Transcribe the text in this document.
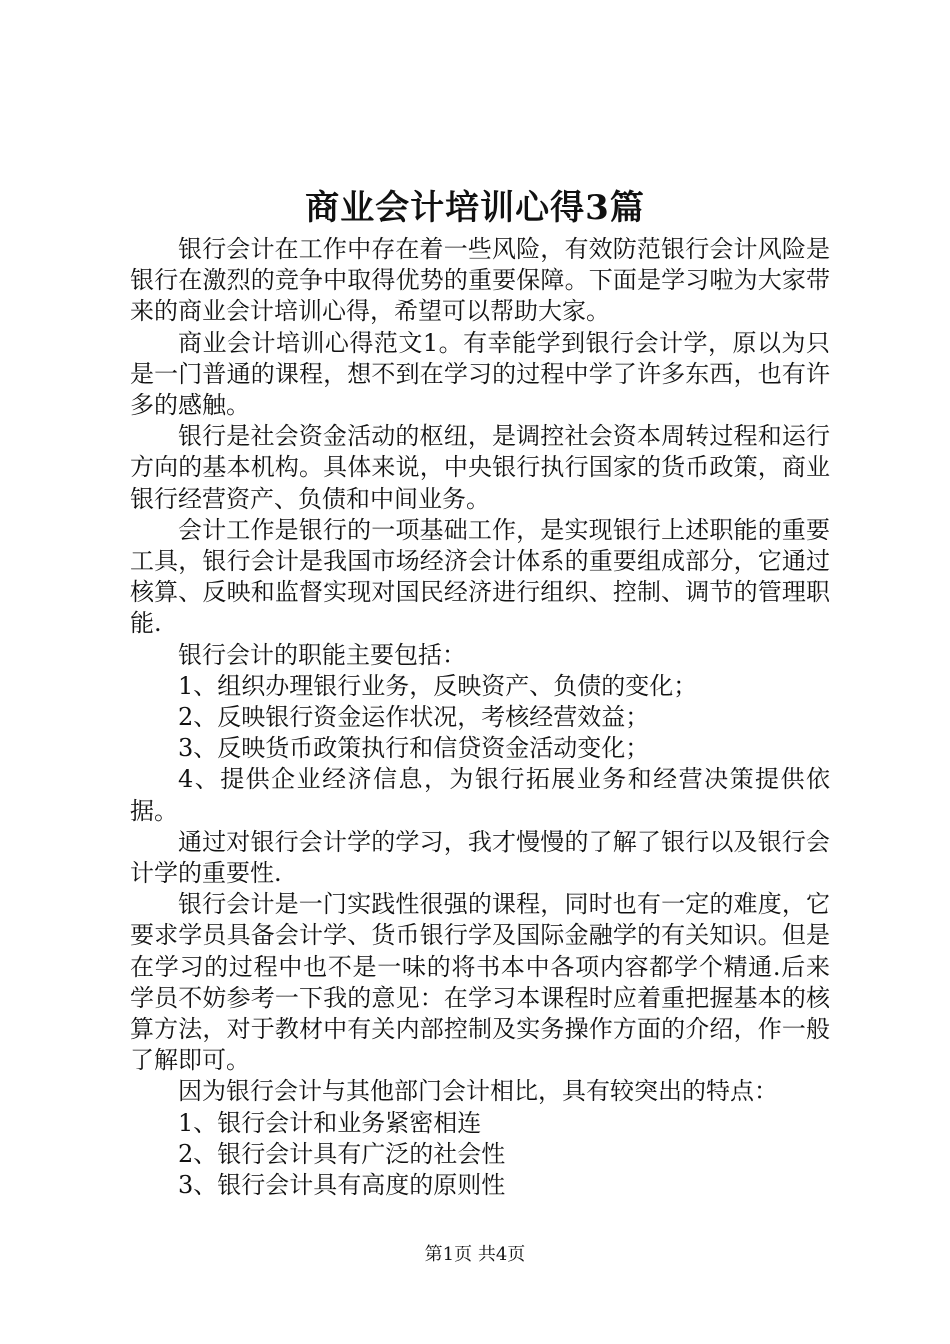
商业会计培训心得3篇

银行会计在工作中存在着一些风险，有效防范银行会计风险是银行在激烈的竞争中取得优势的重要保障。下面是学习啦为大家带来的商业会计培训心得，希望可以帮助大家。

商业会计培训心得范文1。有幸能学到银行会计学，原以为只是一门普通的课程，想不到在学习的过程中学了许多东西，也有许多的感触。

银行是社会资金活动的枢纽，是调控社会资本周转过程和运行方向的基本机构。具体来说，中央银行执行国家的货币政策，商业银行经营资产、负债和中间业务。

会计工作是银行的一项基础工作，是实现银行上述职能的重要工具，银行会计是我国市场经济会计体系的重要组成部分，它通过核算、反映和监督实现对国民经济进行组织、控制、调节的管理职能.

银行会计的职能主要包括：

1、组织办理银行业务，反映资产、负债的变化；

2、反映银行资金运作状况，考核经营效益；

3、反映货币政策执行和信贷资金活动变化；

4、提供企业经济信息，为银行拓展业务和经营决策提供依据。

通过对银行会计学的学习，我才慢慢的了解了银行以及银行会计学的重要性.

银行会计是一门实践性很强的课程，同时也有一定的难度，它要求学员具备会计学、货币银行学及国际金融学的有关知识。但是在学习的过程中也不是一味的将书本中各项内容都学个精通.后来学员不妨参考一下我的意见：在学习本课程时应着重把握基本的核算方法，对于教材中有关内部控制及实务操作方面的介绍，作一般了解即可。

因为银行会计与其他部门会计相比，具有较突出的特点：

1、银行会计和业务紧密相连

2、银行会计具有广泛的社会性

3、银行会计具有高度的原则性

第1页 共4页
